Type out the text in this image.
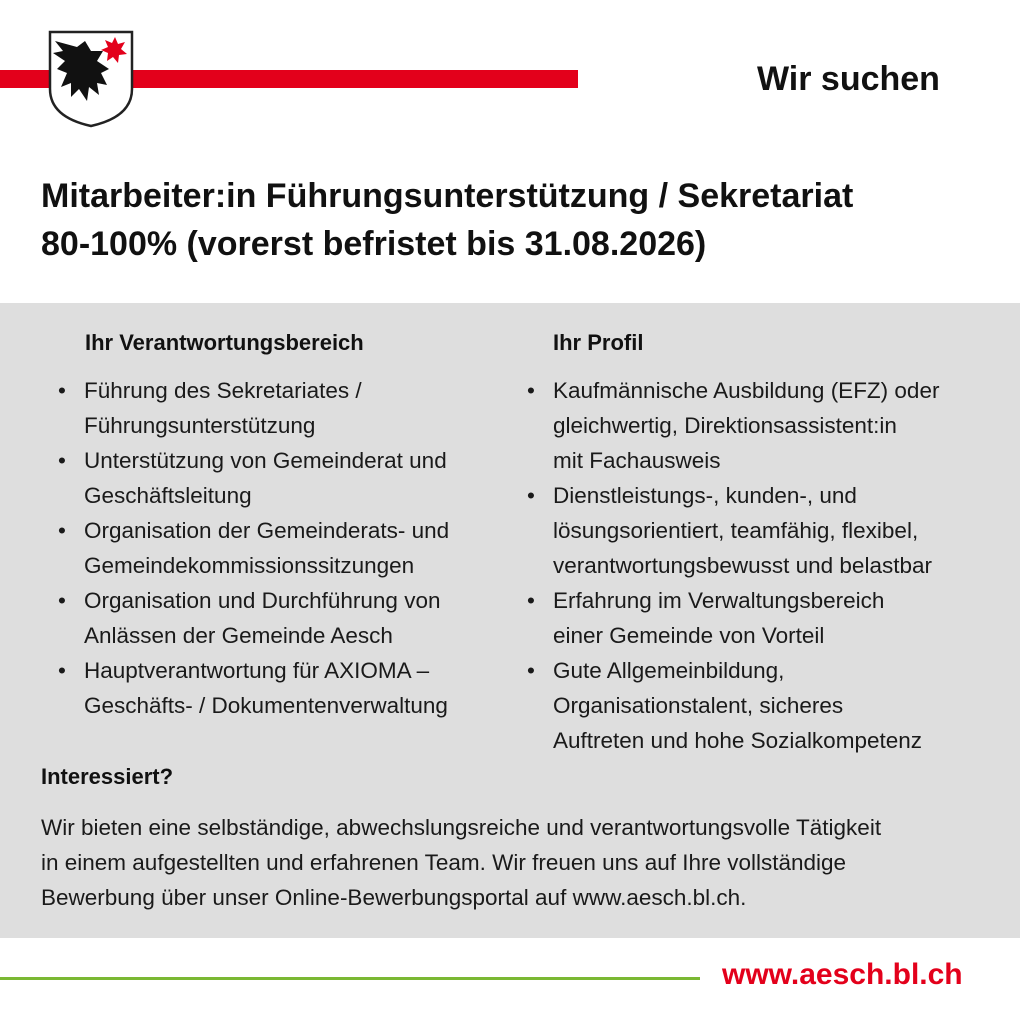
Wir suchen
Mitarbeiter:in Führungsunterstützung / Sekretariat
80-100% (vorerst befristet bis 31.08.2026)
Ihr Verantwortungsbereich
• Führung des Sekretariates /
Führungsunterstützung
• Unterstützung von Gemeinderat und
Geschäftsleitung
• Organisation der Gemeinderats- und
Gemeindekommissionssitzungen
• Organisation und Durchführung von
Anlässen der Gemeinde Aesch
• Hauptverantwortung für AXIOMA –
Geschäfts- / Dokumentenverwaltung
Ihr Profil
• Kaufmännische Ausbildung (EFZ) oder
gleichwertig, Direktionsassistent:in
mit Fachausweis
• Dienstleistungs-, kunden-, und
lösungsorientiert, teamfähig, flexibel,
verantwortungsbewusst und belastbar
• Erfahrung im Verwaltungsbereich
einer Gemeinde von Vorteil
• Gute Allgemeinbildung,
Organisationstalent, sicheres
Auftreten und hohe Sozialkompetenz
Interessiert?
Wir bieten eine selbständige, abwechslungsreiche und verantwortungsvolle Tätigkeit
in einem aufgestellten und erfahrenen Team. Wir freuen uns auf Ihre vollständige
Bewerbung über unser Online-Bewerbungsportal auf www.aesch.bl.ch.
www.aesch.bl.ch
